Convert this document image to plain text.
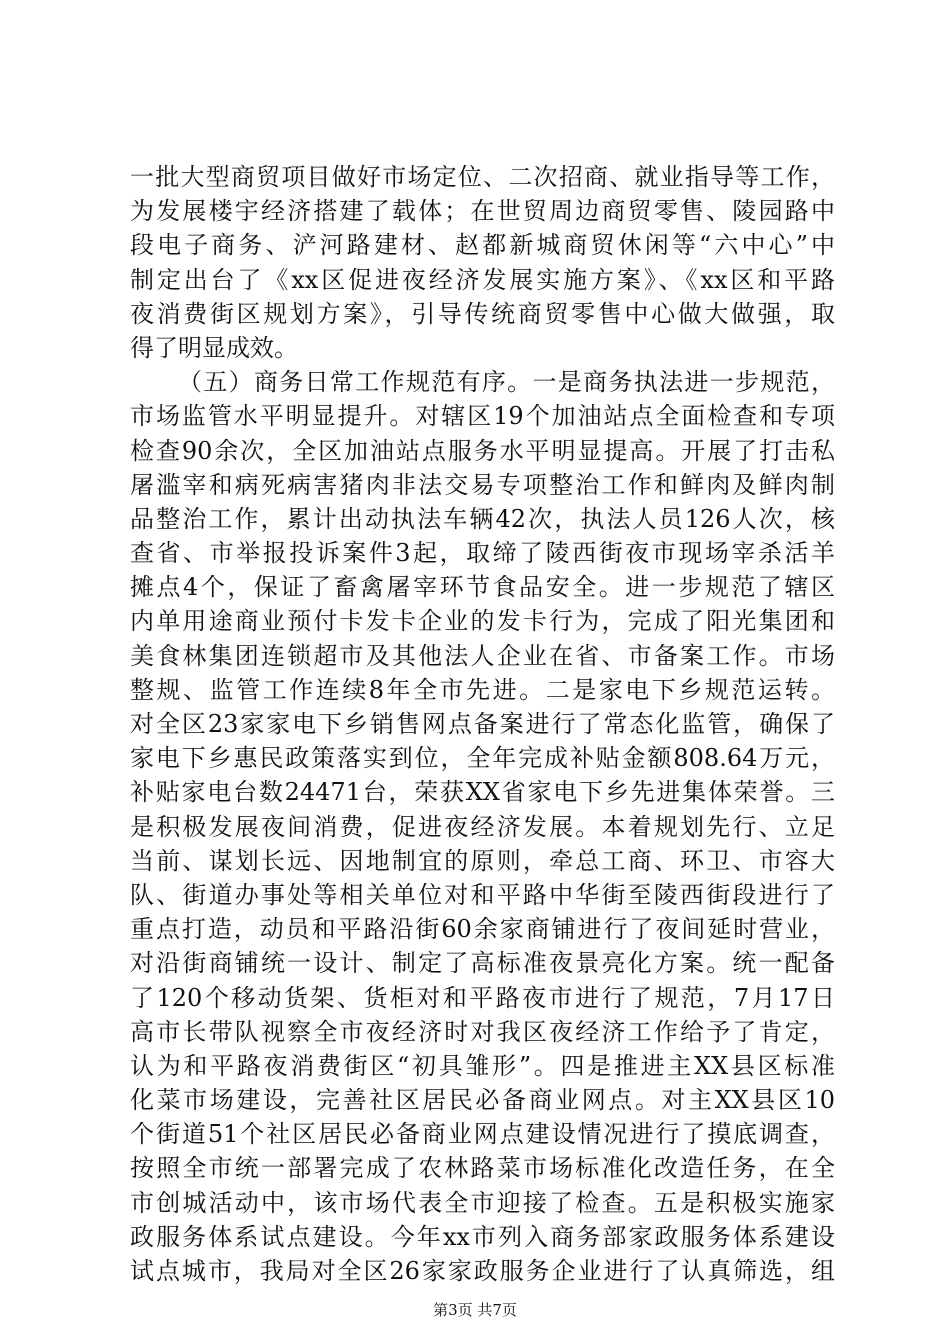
一批大型商贸项目做好市场定位、二次招商、就业指导等工作，
为发展楼宇经济搭建了载体；在世贸周边商贸零售、陵园路中
段电子商务、浐河路建材、赵都新城商贸休闲等“六中心”中
制定出台了《xx区促进夜经济发展实施方案》、《xx区和平路
夜消费街区规划方案》，引导传统商贸零售中心做大做强，取
得了明显成效。
（五）商务日常工作规范有序。一是商务执法进一步规范，
市场监管水平明显提升。对辖区19个加油站点全面检查和专项
检查90余次，全区加油站点服务水平明显提高。开展了打击私
屠滥宰和病死病害猪肉非法交易专项整治工作和鲜肉及鲜肉制
品整治工作，累计出动执法车辆42次，执法人员126人次，核
查省、市举报投诉案件3起，取缔了陵西街夜市现场宰杀活羊
摊点4个，保证了畜禽屠宰环节食品安全。进一步规范了辖区
内单用途商业预付卡发卡企业的发卡行为，完成了阳光集团和
美食林集团连锁超市及其他法人企业在省、市备案工作。市场
整规、监管工作连续8年全市先进。二是家电下乡规范运转。
对全区23家家电下乡销售网点备案进行了常态化监管，确保了
家电下乡惠民政策落实到位，全年完成补贴金额808.64万元，
补贴家电台数24471台，荣获XX省家电下乡先进集体荣誉。三
是积极发展夜间消费，促进夜经济发展。本着规划先行、立足
当前、谋划长远、因地制宜的原则，牵总工商、环卫、市容大
队、街道办事处等相关单位对和平路中华街至陵西街段进行了
重点打造，动员和平路沿街60余家商铺进行了夜间延时营业，
对沿街商铺统一设计、制定了高标准夜景亮化方案。统一配备
了120个移动货架、货柜对和平路夜市进行了规范，7月17日
高市长带队视察全市夜经济时对我区夜经济工作给予了肯定，
认为和平路夜消费街区“初具雏形”。四是推进主XX县区标准
化菜市场建设，完善社区居民必备商业网点。对主XX县区10
个街道51个社区居民必备商业网点建设情况进行了摸底调查，
按照全市统一部署完成了农林路菜市场标准化改造任务，在全
市创城活动中，该市场代表全市迎接了检查。五是积极实施家
政服务体系试点建设。今年xx市列入商务部家政服务体系建设
试点城市，我局对全区26家家政服务企业进行了认真筛选，组
第3页 共7页
